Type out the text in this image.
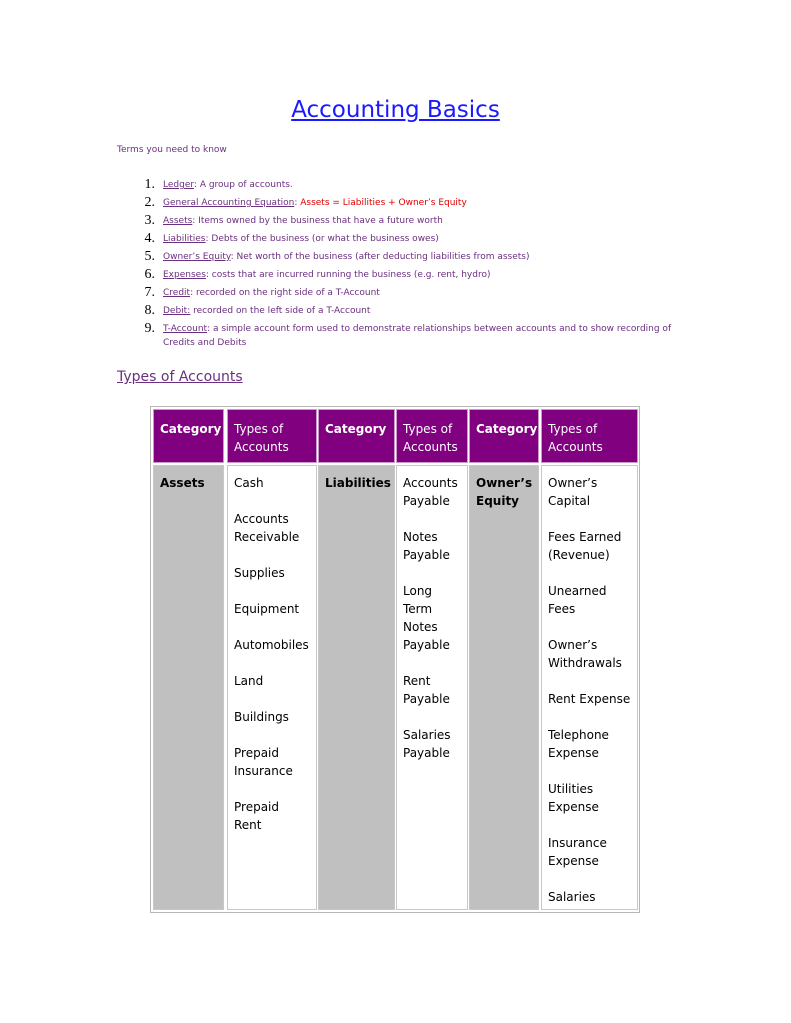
Accounting Basics
Terms you need to know
1. Ledger: A group of accounts.
2. General Accounting Equation: Assets = Liabilities + Owner’s Equity
3. Assets: Items owned by the business that have a future worth
4. Liabilities: Debts of the business (or what the business owes)
5. Owner’s Equity: Net worth of the business (after deducting liabilities from assets)
6. Expenses: costs that are incurred running the business (e.g. rent, hydro)
7. Credit: recorded on the right side of a T-Account
8. Debit: recorded on the left side of a T-Account
9. T-Account: a simple account form used to demonstrate relationships between accounts and to show recording of Credits and Debits
Types of Accounts
Category
Assets
Types of Accounts
Cash
Accounts Receivable
Supplies
Equipment
Automobiles
Land
Buildings
Prepaid Insurance
Prepaid Rent
Category
Liabilities
Types of Accounts
Accounts Payable
Notes Payable
Long Term Notes Payable
Rent Payable
Salaries Payable
Category
Owner’s Equity
Types of Accounts
Owner’s Capital
Fees Earned (Revenue)
Unearned Fees
Owner’s Withdrawals
Rent Expense
Telephone Expense
Utilities Expense
Insurance Expense
Salaries
